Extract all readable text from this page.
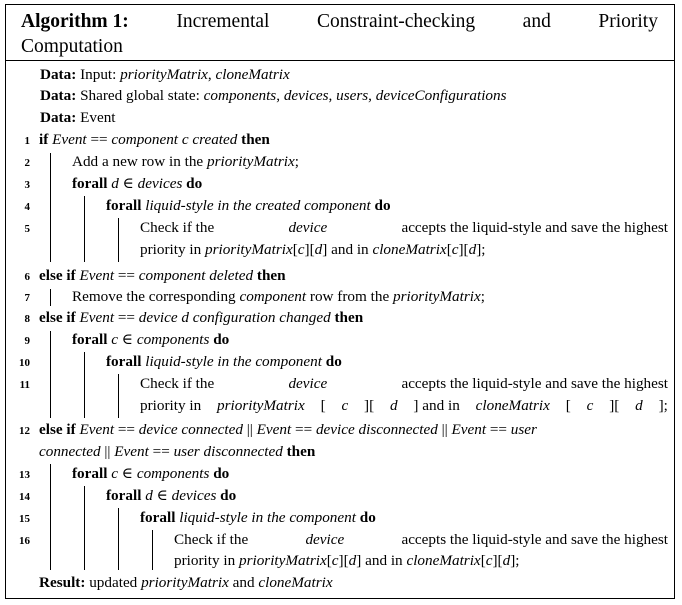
Algorithm 1: Incremental Constraint-checking and Priority
Computation
Data: Input: priorityMatrix, cloneMatrix
Data: Shared global state: components, devices, users, deviceConfigurations
Data: Event
1 if Event == component c created then
2	Add a new row in the priorityMatrix;
3	forall d ∈ devices do
4	forall liquid-style in the created component do
5	Check if the	device	accepts the liquid-style and save the highest
priority in priorityMatrix[c][d] and in cloneMatrix[c][d];
6 else if Event == component deleted then
7	Remove the corresponding component row from the priorityMatrix;
8 else if Event == device d configuration changed then
9	forall c ∈ components do
10	forall liquid-style in the component do
11	Check if the	device	accepts the liquid-style and save the highest
priority in priorityMatrix [ c ][ d ] and in cloneMatrix [ c ][ d ];
12 else if Event == device connected || Event == device disconnected || Event == user
connected || Event == user disconnected then
13	forall c ∈ components do
14	forall d ∈ devices do
15	forall liquid-style in the component do
16	Check if the	device	accepts the liquid-style and save the highest
priority in priorityMatrix[c][d] and in cloneMatrix[c][d];
Result: updated priorityMatrix and cloneMatrix
